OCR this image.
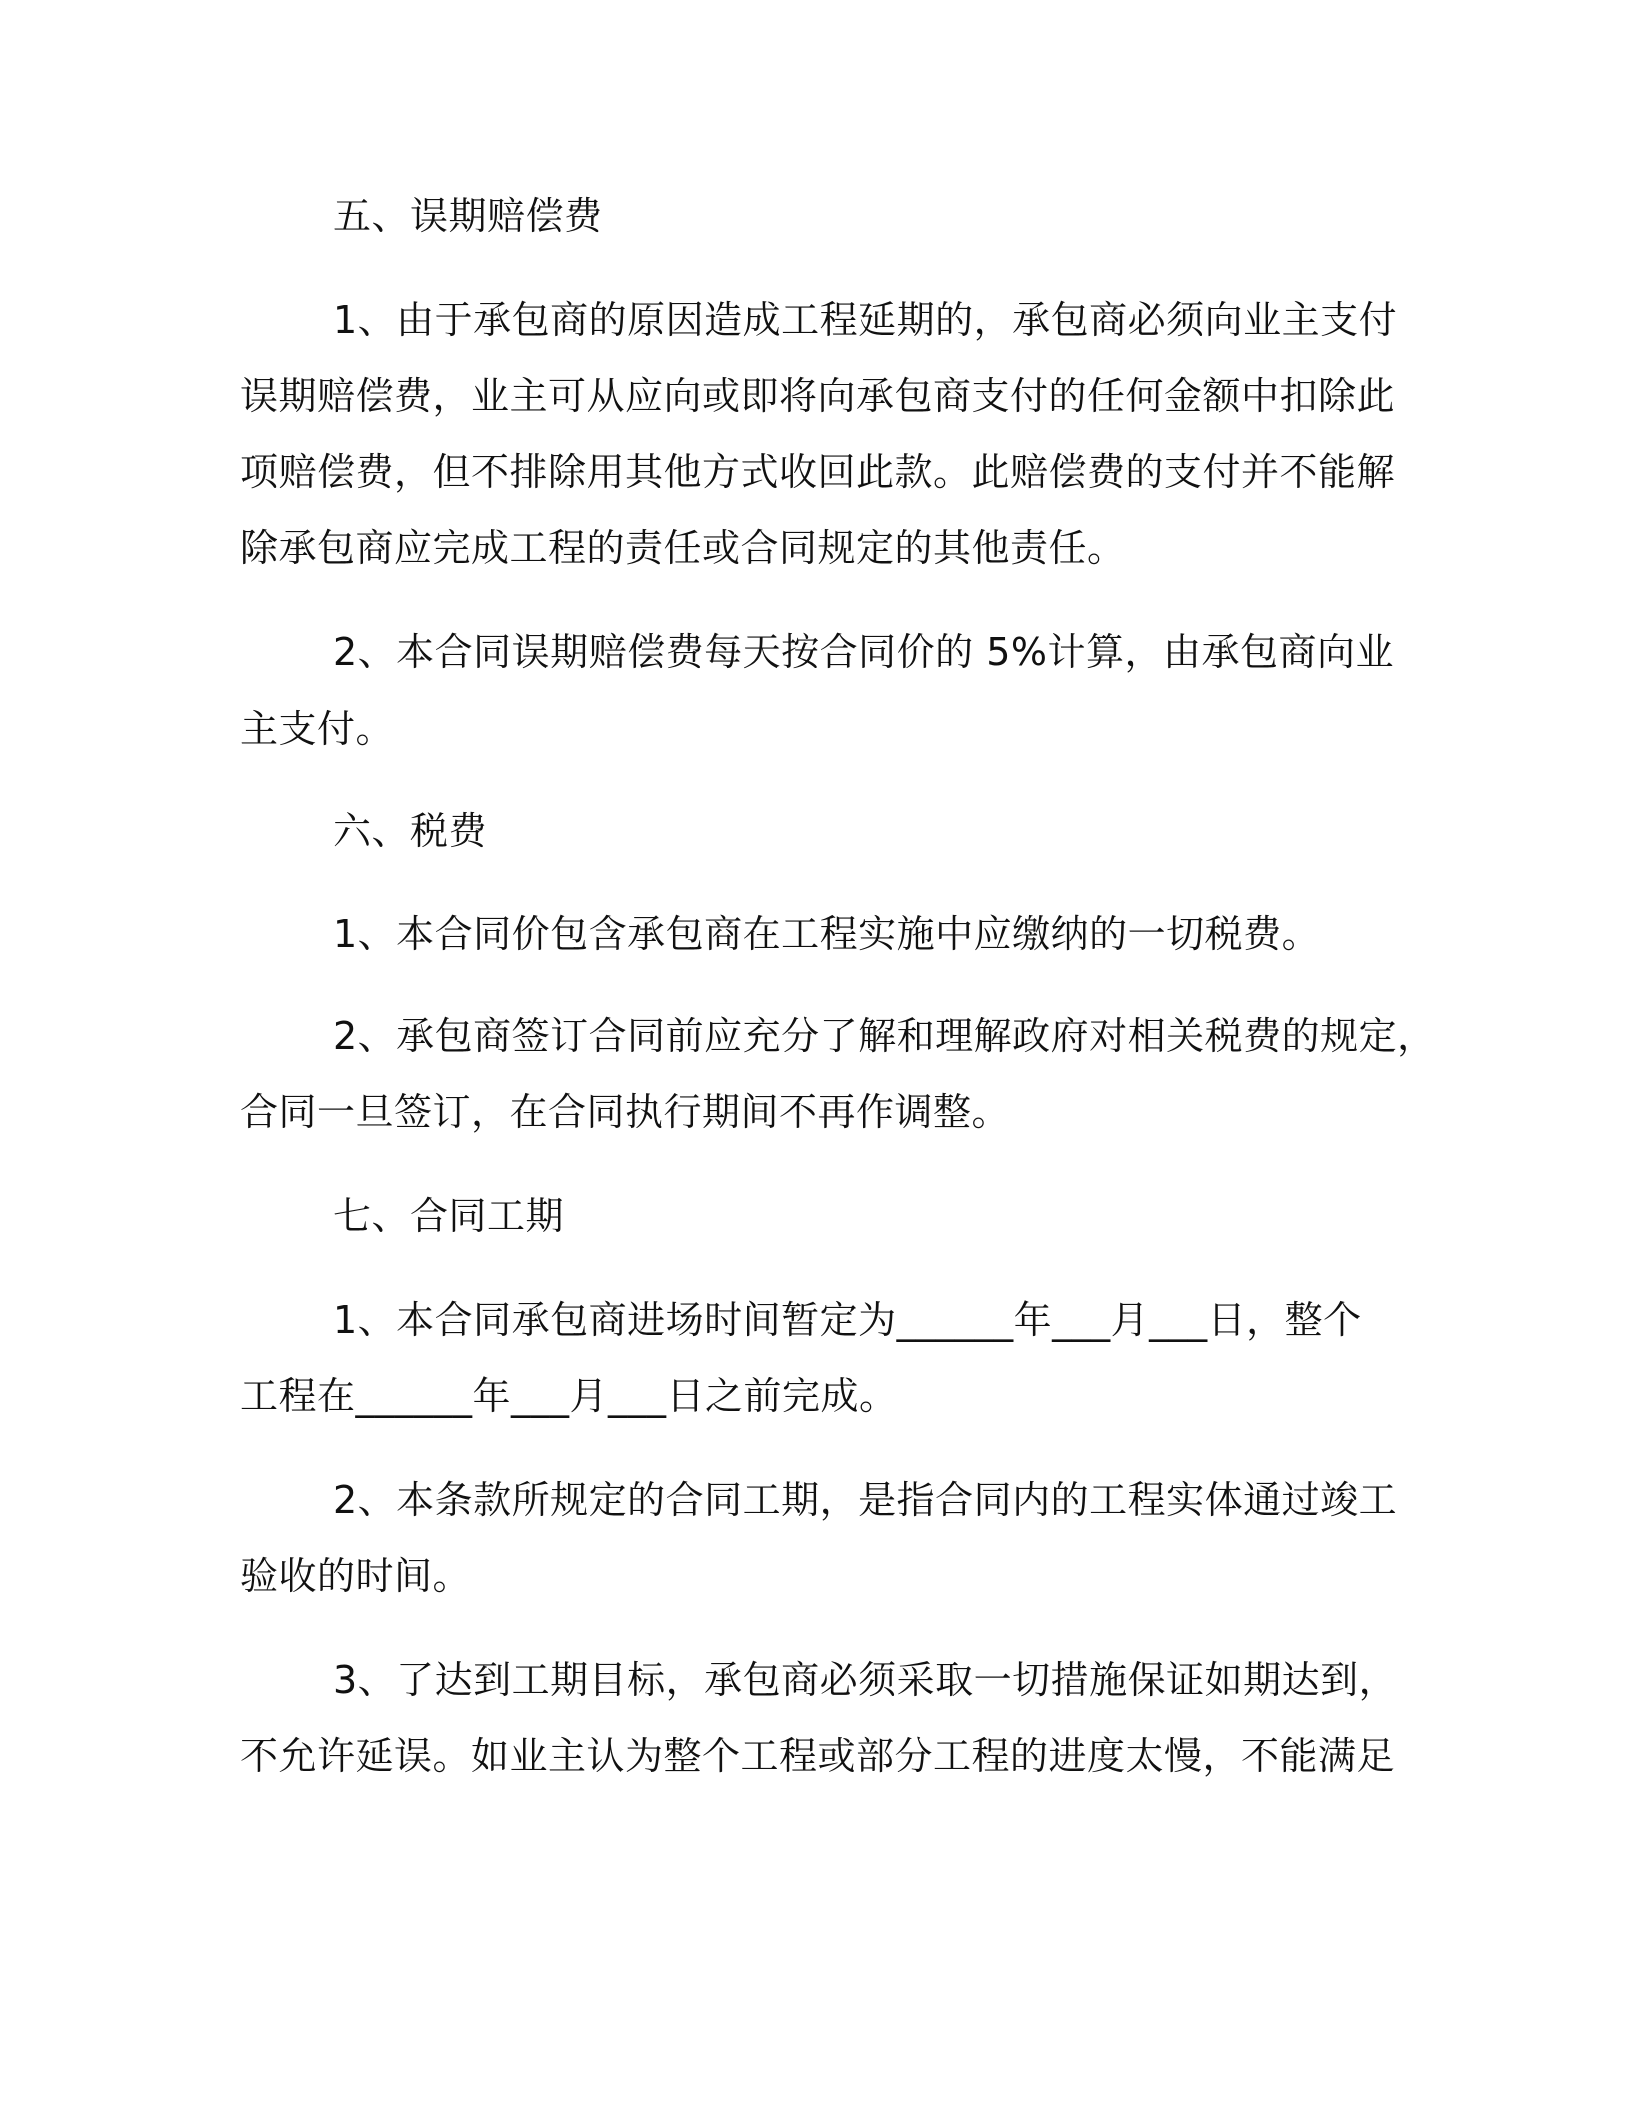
五、误期赔偿费
1、由于承包商的原因造成工程延期的，承包商必须向业主支付
误期赔偿费，业主可从应向或即将向承包商支付的任何金额中扣除此
项赔偿费，但不排除用其他方式收回此款。此赔偿费的支付并不能解
除承包商应完成工程的责任或合同规定的其他责任。
2、本合同误期赔偿费每天按合同价的 5%计算，由承包商向业
主支付。
六、税费
1、本合同价包含承包商在工程实施中应缴纳的一切税费。
2、承包商签订合同前应充分了解和理解政府对相关税费的规定，
合同一旦签订，在合同执行期间不再作调整。
七、合同工期
1、本合同承包商进场时间暂定为______年___月___日，整个
工程在______年___月___日之前完成。
2、本条款所规定的合同工期，是指合同内的工程实体通过竣工
验收的时间。
3、了达到工期目标，承包商必须采取一切措施保证如期达到，
不允许延误。如业主认为整个工程或部分工程的进度太慢，不能满足
